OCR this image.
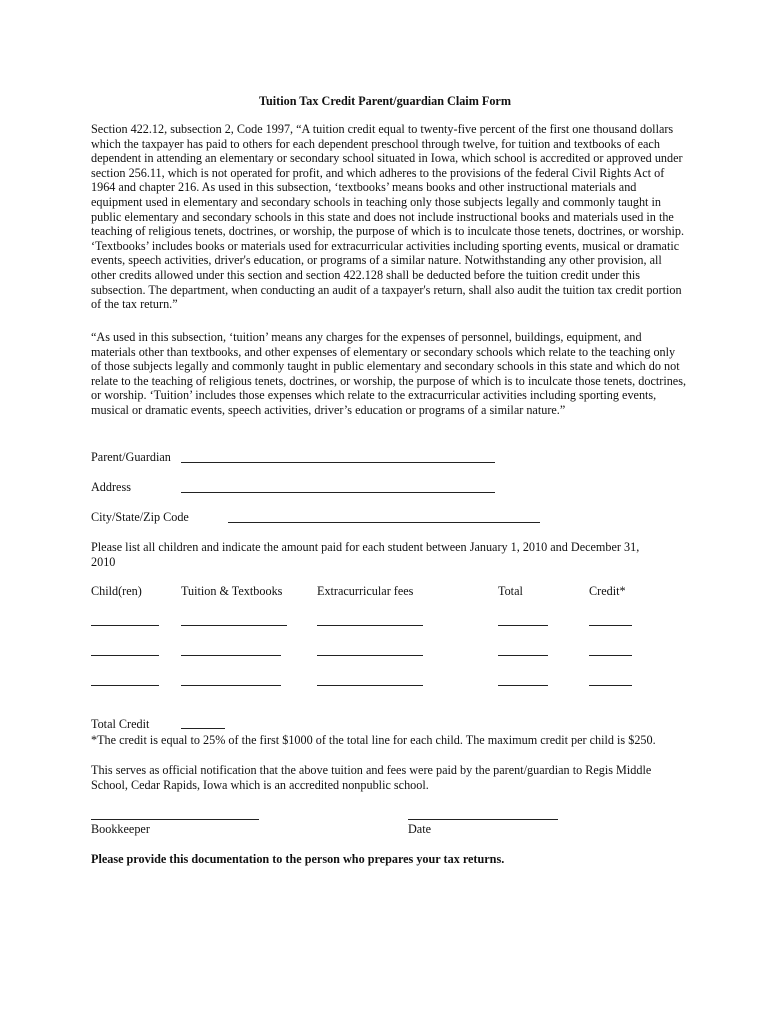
Tuition Tax Credit Parent/guardian Claim Form
Section 422.12, subsection 2, Code 1997, “A tuition credit equal to twenty-five percent of the first one thousand dollars which the taxpayer has paid to others for each dependent preschool through twelve, for tuition and textbooks of each dependent in attending an elementary or secondary school situated in Iowa, which school is accredited or approved under section 256.11, which is not operated for profit, and which adheres to the provisions of the federal Civil Rights Act of 1964 and chapter 216. As used in this subsection, ‘textbooks’ means books and other instructional materials and equipment used in elementary and secondary schools in teaching only those subjects legally and commonly taught in public elementary and secondary schools in this state and does not include instructional books and materials used in the teaching of religious tenets, doctrines, or worship, the purpose of which is to inculcate those tenets, doctrines, or worship. ‘Textbooks’ includes books or materials used for extracurricular activities including sporting events, musical or dramatic events, speech activities, driver's education, or programs of a similar nature. Notwithstanding any other provision, all other credits allowed under this section and section 422.128 shall be deducted before the tuition credit under this subsection. The department, when conducting an audit of a taxpayer's return, shall also audit the tuition tax credit portion of the tax return.”
“As used in this subsection, ‘tuition’ means any charges for the expenses of personnel, buildings, equipment, and materials other than textbooks, and other expenses of elementary or secondary schools which relate to the teaching only of those subjects legally and commonly taught in public elementary and secondary schools in this state and which do not relate to the teaching of religious tenets, doctrines, or worship, the purpose of which is to inculcate those tenets, doctrines, or worship. ‘Tuition’ includes those expenses which relate to the extracurricular activities including sporting events, musical or dramatic events, speech activities, driver’s education or programs of a similar nature.”
Parent/Guardian
Address
City/State/Zip Code
Please list all children and indicate the amount paid for each student between January 1, 2010 and December 31,
2010
Child(ren)	Tuition & Textbooks	Extracurricular fees	Total	Credit*
Total Credit
*The credit is equal to 25% of the first $1000 of the total line for each child. The maximum credit per child is $250.
This serves as official notification that the above tuition and fees were paid by the parent/guardian to Regis Middle
School, Cedar Rapids, Iowa which is an accredited nonpublic school.
Bookkeeper	Date
Please provide this documentation to the person who prepares your tax returns.
